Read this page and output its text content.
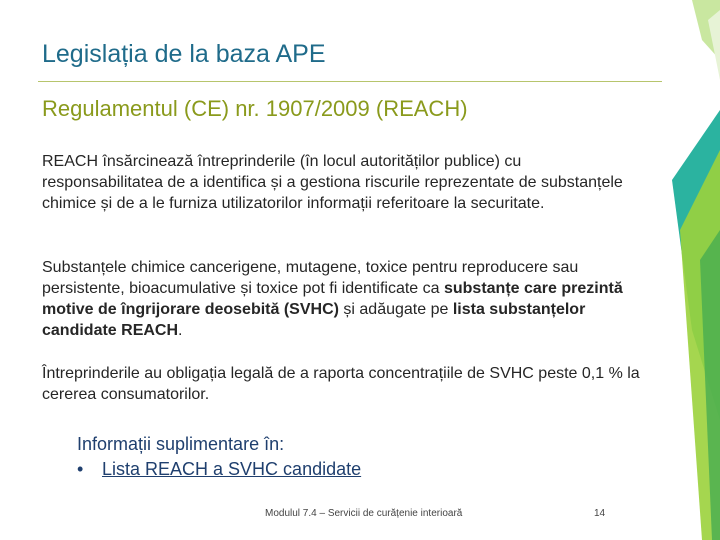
Legislația de la baza APE
Regulamentul (CE) nr. 1907/2009 (REACH)
REACH însărcinează întreprinderile (în locul autorităților publice) cu responsabilitatea de a identifica și a gestiona riscurile reprezentate de substanțele chimice și de a le furniza utilizatorilor informații referitoare la securitate.
Substanțele chimice cancerigene, mutagene, toxice pentru reproducere sau persistente, bioacumulative și toxice pot fi identificate ca substanțe care prezintă motive de îngrijorare deosebită (SVHC) și adăugate pe lista substanțelor candidate REACH.
Întreprinderile au obligația legală de a raporta concentrațiile de SVHC peste 0,1 % la cererea consumatorilor.
Informații suplimentare în:
•	Lista REACH a SVHC candidate
Modulul 7.4 – Servicii de curățenie interioară	14
